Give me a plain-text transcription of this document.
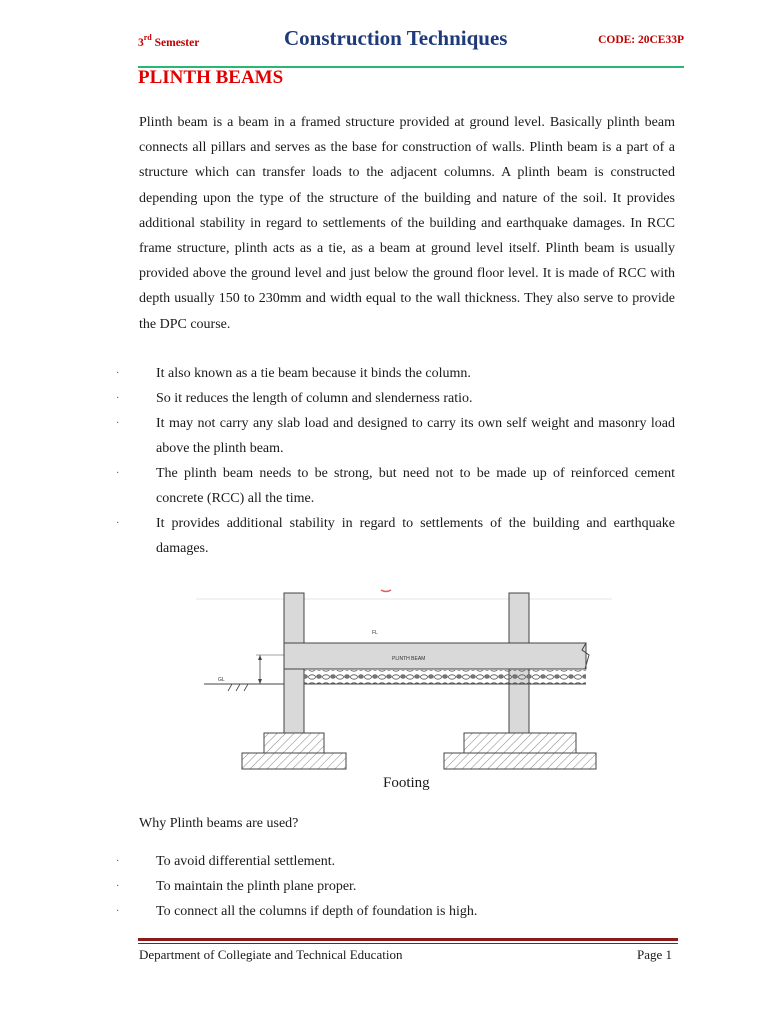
3rd Semester	Construction Techniques	CODE: 20CE33P
PLINTH BEAMS
Plinth beam is a beam in a framed structure provided at ground level. Basically plinth beam connects all pillars and serves as the base for construction of walls. Plinth beam is a part of a structure which can transfer loads to the adjacent columns. A plinth beam is constructed depending upon the type of the structure of the building and nature of the soil. It provides additional stability in regard to settlements of the building and earthquake damages. In RCC frame structure, plinth acts as a tie, as a beam at ground level itself. Plinth beam is usually provided above the ground level and just below the ground floor level. It is made of RCC with depth usually 150 to 230mm and width equal to the wall thickness. They also serve to provide the DPC course.
·	It also known as a tie beam because it binds the column.
·	So it reduces the length of column and slenderness ratio.
·	It may not carry any slab load and designed to carry its own self weight and masonry load above the plinth beam.
·	The plinth beam needs to be strong, but need not to be made up of reinforced cement concrete (RCC) all the time.
·	It provides additional stability in regard to settlements of the building and earthquake damages.
FL
PLINTH BEAM
GL
Footing
Why Plinth beams are used?
·	To avoid differential settlement.
·	To maintain the plinth plane proper.
·	To connect all the columns if depth of foundation is high.
Department of Collegiate and Technical Education	Page 1
